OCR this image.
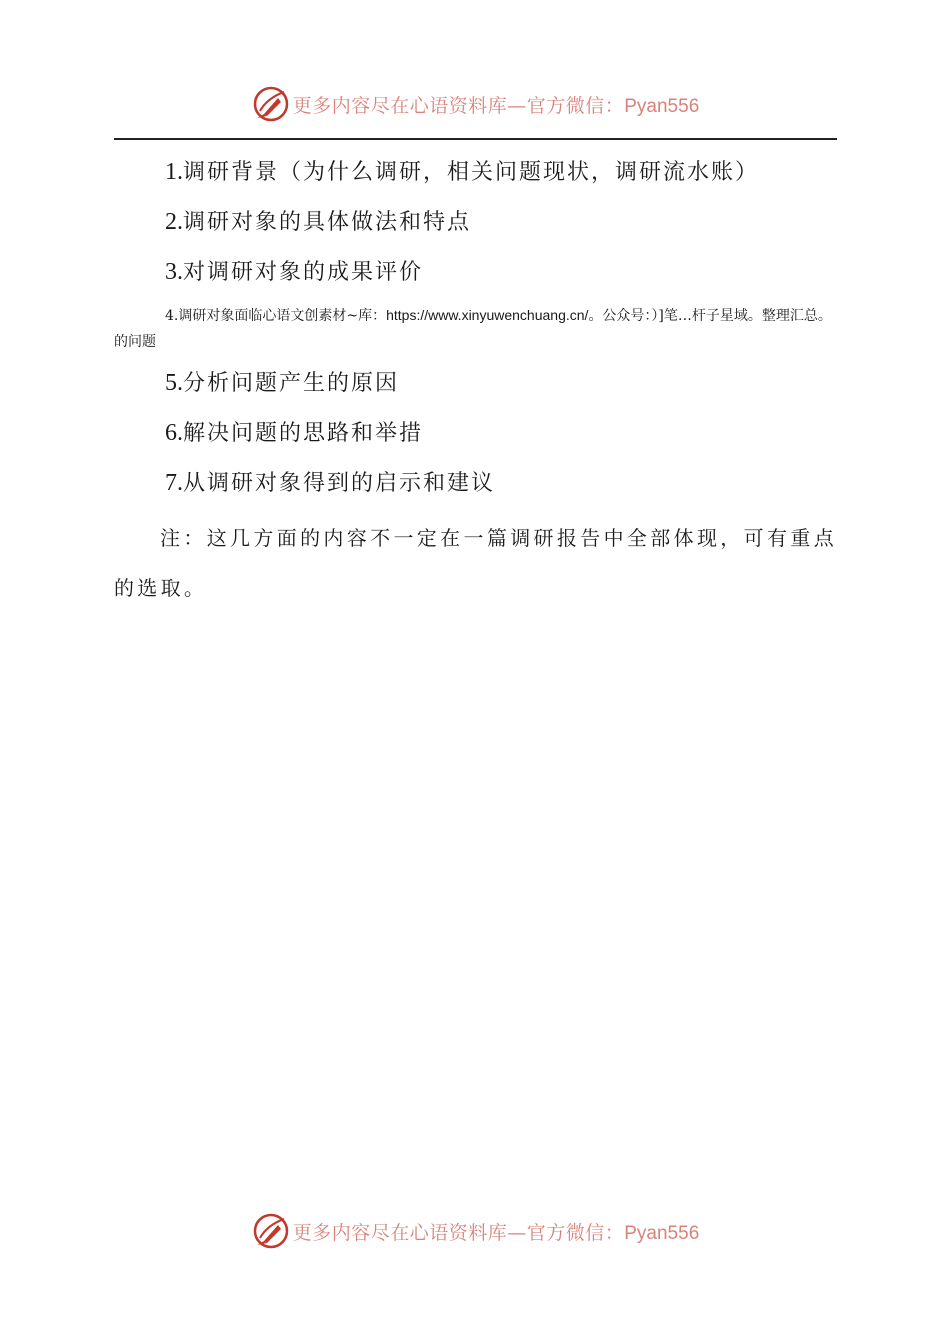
更多内容尽在心语资料库—官方微信：Pyan556
1.调研背景（为什么调研，相关问题现状，调研流水账）
2.调研对象的具体做法和特点
3.对调研对象的成果评价
4.调研对象面临心语文创素材~库：https://www.xinyuwenchuang.cn/。公众号：）]笔…杆子星域。整理汇总。的问题
5.分析问题产生的原因
6.解决问题的思路和举措
7.从调研对象得到的启示和建议
注：这几方面的内容不一定在一篇调研报告中全部体现，可有重点的选取。
更多内容尽在心语资料库—官方微信：Pyan556
